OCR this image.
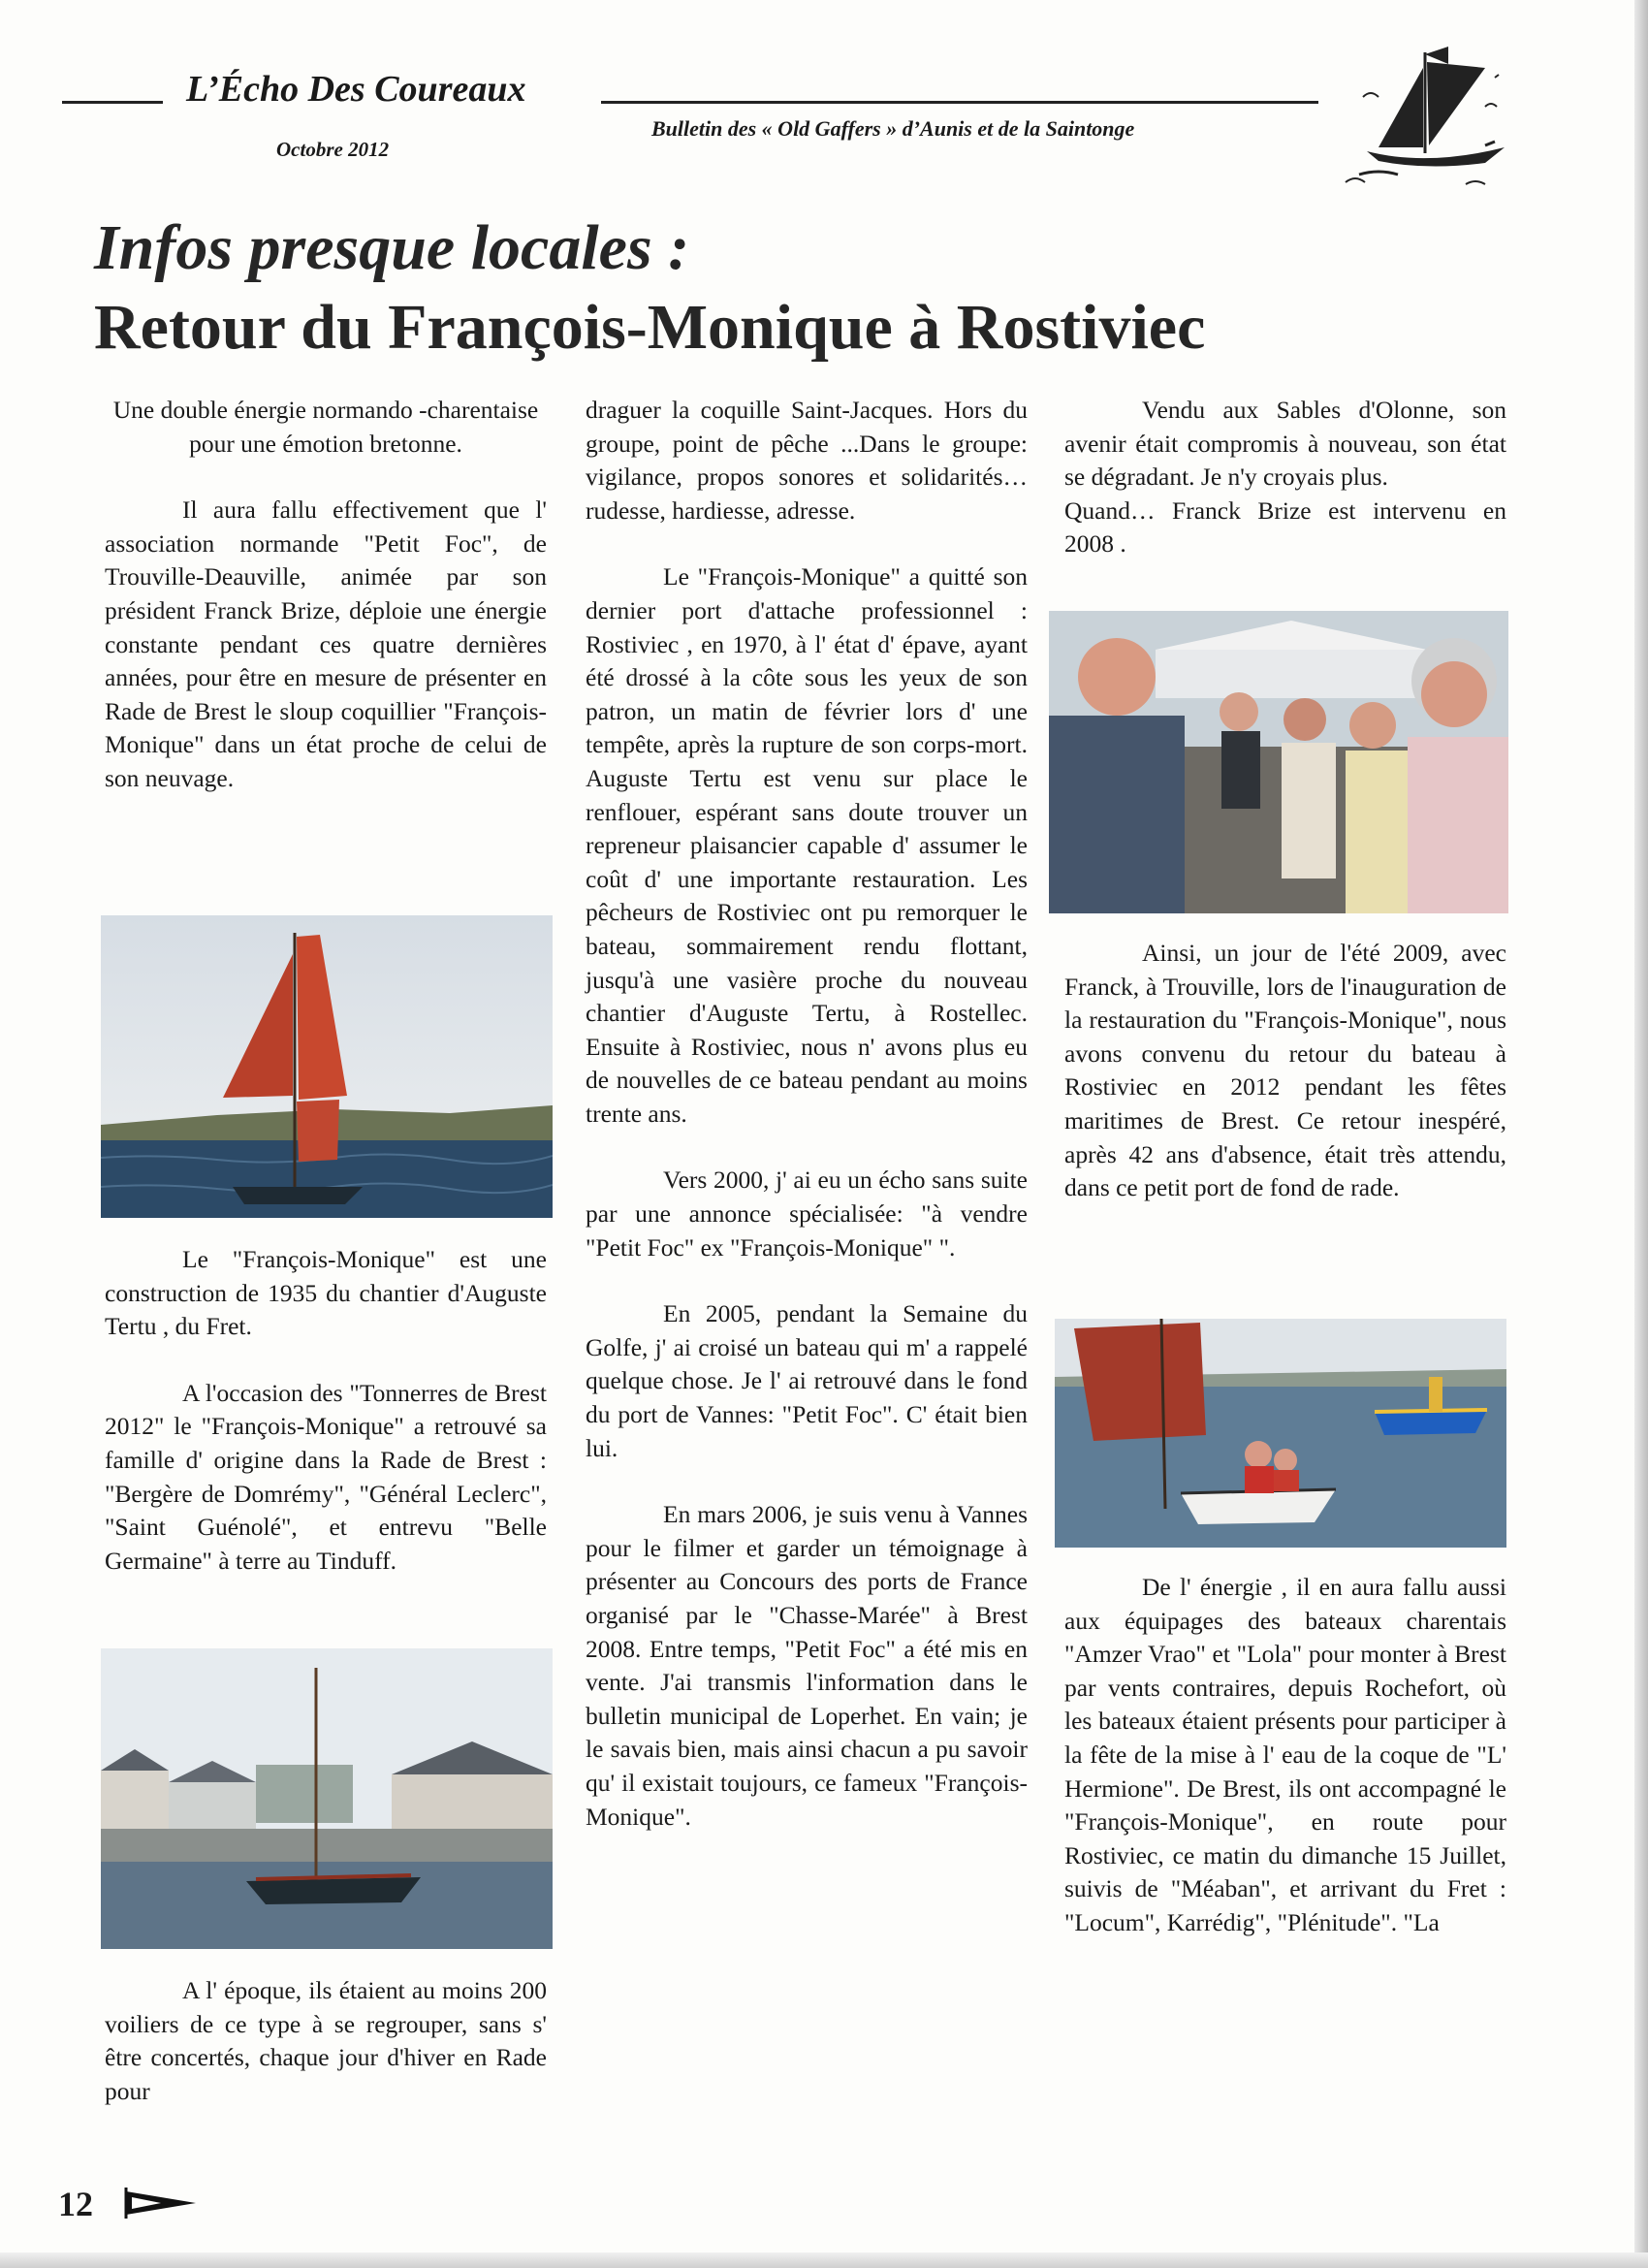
L’Écho Des Coureaux
Octobre 2012
Bulletin des « Old Gaffers » d’Aunis et de la Saintonge
Infos presque locales :
Retour du François-Monique à Rostiviec

Une double énergie normando -charentaise pour une émotion bretonne.

Il aura fallu effectivement que l' association normande "Petit Foc", de Trouville-Deauville, animée par son président Franck Brize, déploie une énergie constante pendant ces quatre dernières années, pour être en mesure de présenter en Rade de Brest le sloup coquillier "François-Monique" dans un état proche de celui de son neuvage.

Le "François-Monique" est une construction de 1935 du chantier d'Auguste Tertu , du Fret.

A l'occasion des "Tonnerres de Brest 2012" le "François-Monique" a retrouvé sa famille d' origine dans la Rade de Brest : "Bergère de Domrémy", "Général Leclerc", "Saint Guénolé", et entrevu "Belle Germaine" à terre au Tinduff.

A l' époque, ils étaient au moins 200 voiliers de ce type à se regrouper, sans s' être concertés, chaque jour d'hiver en Rade pour

draguer la coquille Saint-Jacques. Hors du groupe, point de pêche ...Dans le groupe: vigilance, propos sonores et solidarités… rudesse, hardiesse, adresse.

Le "François-Monique" a quitté son dernier port d'attache professionnel : Rostiviec , en 1970, à l' état d' épave, ayant été drossé à la côte sous les yeux de son patron, un matin de février lors d' une tempête, après la rupture de son corps-mort. Auguste Tertu est venu sur place le renflouer, espérant sans doute trouver un repreneur plaisancier capable d' assumer le coût d' une importante restauration. Les pêcheurs de Rostiviec ont pu remorquer le bateau, sommairement rendu flottant, jusqu'à une vasière proche du nouveau chantier d'Auguste Tertu, à Rostellec. Ensuite à Rostiviec, nous n' avons plus eu de nouvelles de ce bateau pendant au moins trente ans.

Vers 2000, j' ai eu un écho sans suite par une annonce spécialisée: "à vendre "Petit Foc" ex "François-Monique" ".

En 2005, pendant la Semaine du Golfe, j' ai croisé un bateau qui m' a rappelé quelque chose. Je l' ai retrouvé dans le fond du port de Vannes: "Petit Foc". C' était bien lui.

En mars 2006, je suis venu à Vannes pour le filmer et garder un témoignage à présenter au Concours des ports de France organisé par le "Chasse-Marée" à Brest 2008. Entre temps, "Petit Foc" a été mis en vente. J'ai transmis l'information dans le bulletin municipal de Loperhet. En vain; je le savais bien, mais ainsi chacun a pu savoir qu' il existait toujours, ce fameux "François-Monique".

Vendu aux Sables d'Olonne, son avenir était compromis à nouveau, son état se dégradant. Je n'y croyais plus.

Quand… Franck Brize est intervenu en 2008 .

Ainsi, un jour de l'été 2009, avec Franck, à Trouville, lors de l'inauguration de la restauration du "François-Monique", nous avons convenu du retour du bateau à Rostiviec en 2012 pendant les fêtes maritimes de Brest. Ce retour inespéré, après 42 ans d'absence, était très attendu, dans ce petit port de fond de rade.

De l' énergie , il en aura fallu aussi aux équipages des bateaux charentais "Amzer Vrao" et "Lola" pour monter à Brest par vents contraires, depuis Rochefort, où les bateaux étaient présents pour participer à la fête de la mise à l' eau de la coque de "L' Hermione". De Brest, ils ont accompagné le "François-Monique", en route pour Rostiviec, ce matin du dimanche 15 Juillet, suivis de "Méaban", et arrivant du Fret : "Locum", Karrédig", "Plénitude". "La

12
